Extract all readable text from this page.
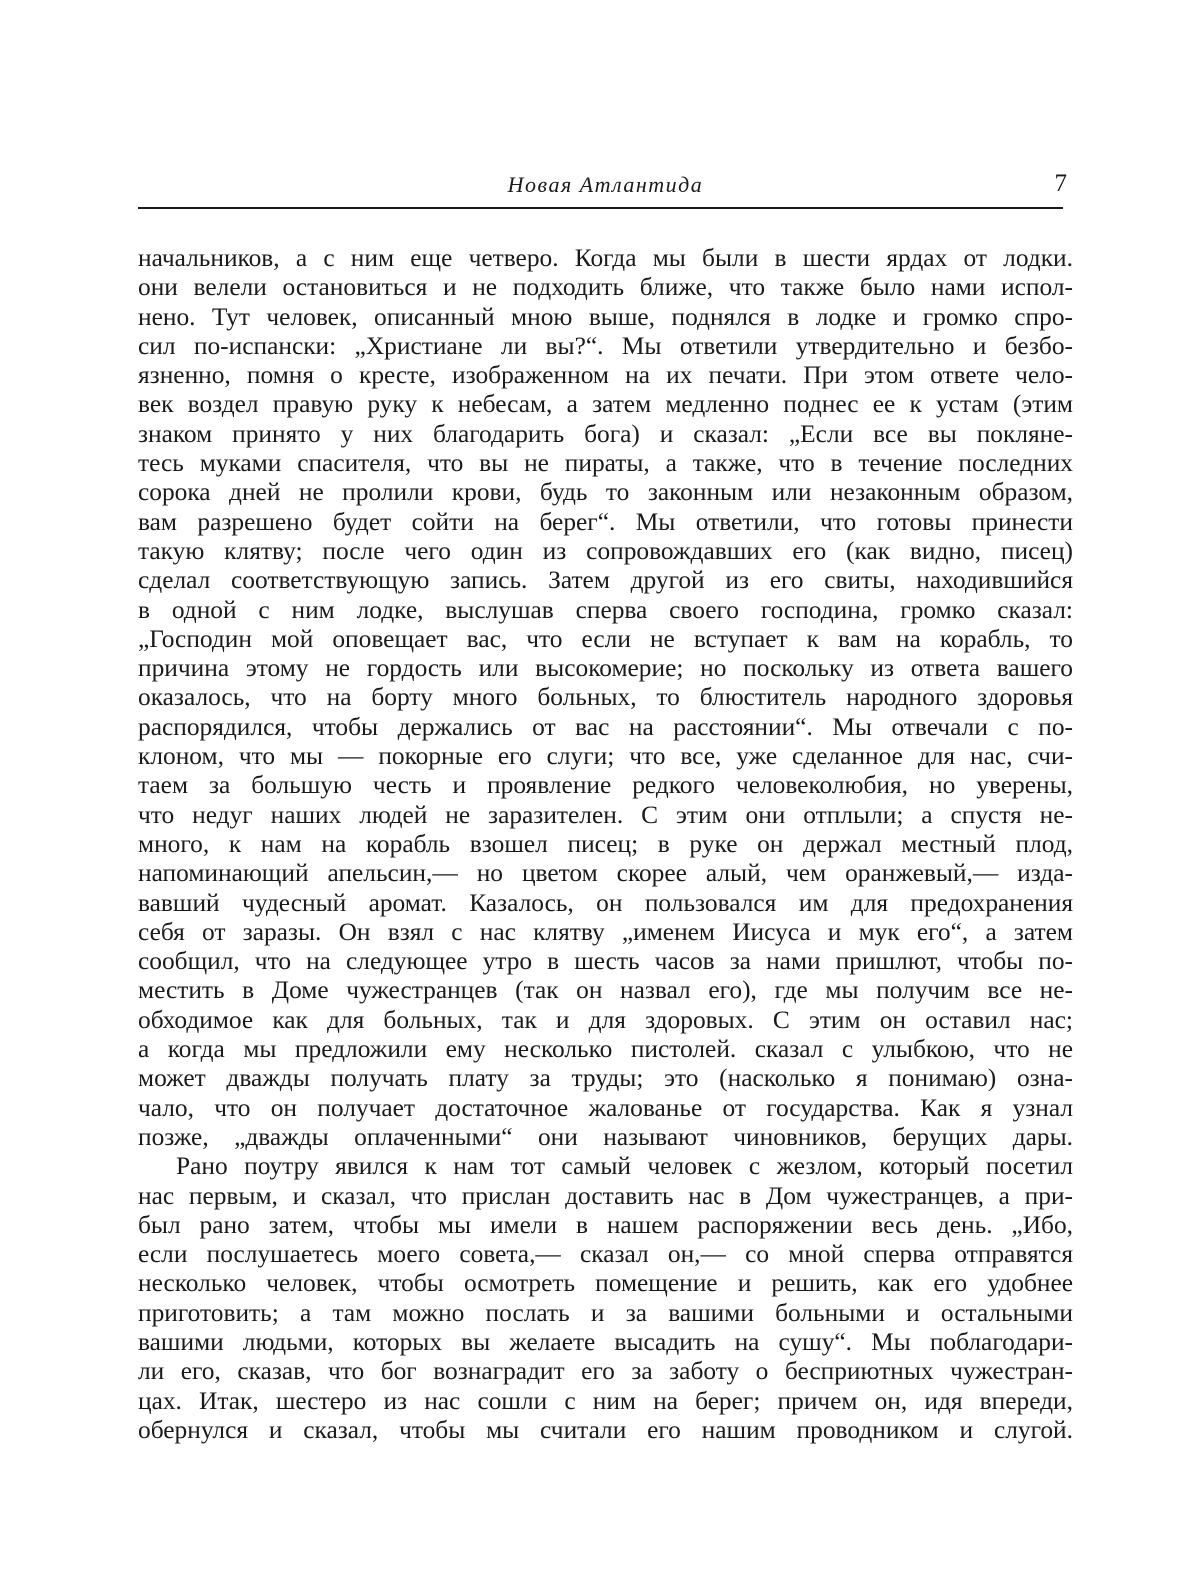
Новая Атлантида	7
начальников, а с ним еще четверо. Когда мы были в шести ярдах от лодки.
они велели остановиться и не подходить ближе, что также было нами испол-
нено. Тут человек, описанный мною выше, поднялся в лодке и громко спро-
сил по-испански: „Христиане ли вы?“. Мы ответили утвердительно и безбо-
язненно, помня о кресте, изображенном на их печати. При этом ответе чело-
век воздел правую руку к небесам, а затем медленно поднес ее к устам (этим
знаком принято у них благодарить бога) и сказал: „Если все вы покляне-
тесь муками спасителя, что вы не пираты, а также, что в течение последних
сорока дней не пролили крови, будь то законным или незаконным образом,
вам разрешено будет сойти на берег“. Мы ответили, что готовы принести
такую клятву; после чего один из сопровождавших его (как видно, писец)
сделал соответствующую запись. Затем другой из его свиты, находившийся
в одной с ним лодке, выслушав сперва своего господина, громко сказал:
„Господин мой оповещает вас, что если не вступает к вам на корабль, то
причина этому не гордость или высокомерие; но поскольку из ответа вашего
оказалось, что на борту много больных, то блюститель народного здоровья
распорядился, чтобы держались от вас на расстоянии“. Мы отвечали с по-
клоном, что мы — покорные его слуги; что все, уже сделанное для нас, счи-
таем за большую честь и проявление редкого человеколюбия, но уверены,
что недуг наших людей не заразителен. С этим они отплыли; а спустя не-
много, к нам на корабль взошел писец; в руке он держал местный плод,
напоминающий апельсин,— но цветом скорее алый, чем оранжевый,— изда-
вавший чудесный аромат. Казалось, он пользовался им для предохранения
себя от заразы. Он взял с нас клятву „именем Иисуса и мук его“, а затем
сообщил, что на следующее утро в шесть часов за нами пришлют, чтобы по-
местить в Доме чужестранцев (так он назвал его), где мы получим все не-
обходимое как для больных, так и для здоровых. С этим он оставил нас;
а когда мы предложили ему несколько пистолей. сказал с улыбкою, что не
может дважды получать плату за труды; это (насколько я понимаю) озна-
чало, что он получает достаточное жалованье от государства. Как я узнал
позже, „дважды оплаченными“ они называют чиновников, берущих дары.
Рано поутру явился к нам тот самый человек с жезлом, который посетил
нас первым, и сказал, что прислан доставить нас в Дом чужестранцев, а при-
был рано затем, чтобы мы имели в нашем распоряжении весь день. „Ибо,
если послушаетесь моего совета,— сказал он,— со мной сперва отправятся
несколько человек, чтобы осмотреть помещение и решить, как его удобнее
приготовить; а там можно послать и за вашими больными и остальными
вашими людьми, которых вы желаете высадить на сушу“. Мы поблагодари-
ли его, сказав, что бог вознаградит его за заботу о бесприютных чужестран-
цах. Итак, шестеро из нас сошли с ним на берег; причем он, идя впереди,
обернулся и сказал, чтобы мы считали его нашим проводником и слугой.
